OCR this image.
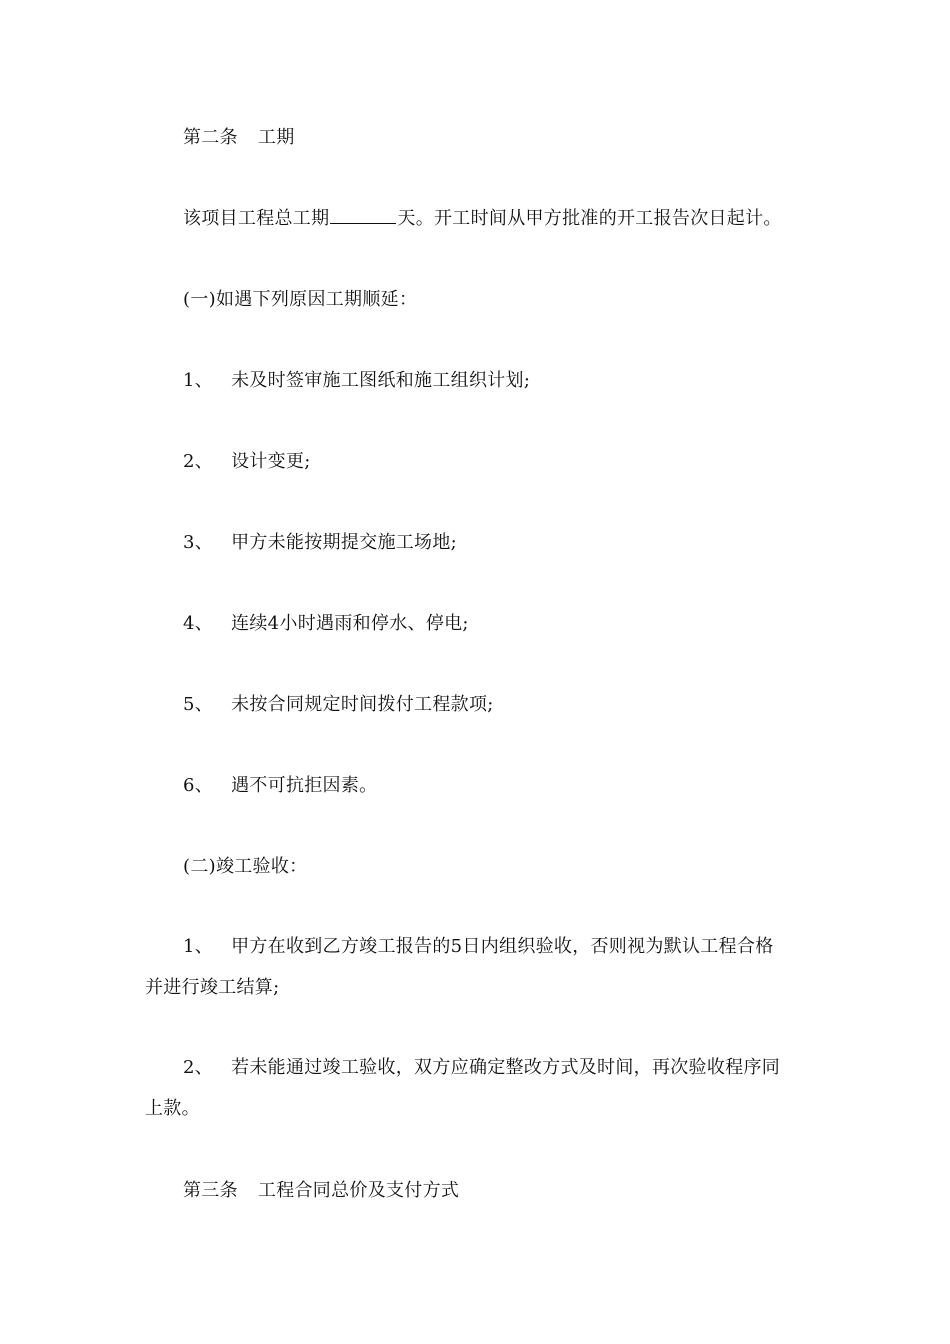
第二条 工期
该项目工程总工期	天。开工时间从甲方批准的开工报告次日起计。
(一)如遇下列原因工期顺延：
1、 未及时签审施工图纸和施工组织计划;
2、 设计变更;
3、 甲方未能按期提交施工场地;
4、 连续4小时遇雨和停水、停电;
5、 未按合同规定时间拨付工程款项;
6、 遇不可抗拒因素。
(二)竣工验收：
1、 甲方在收到乙方竣工报告的5日内组织验收，否则视为默认工程合格
并进行竣工结算;
2、 若未能通过竣工验收，双方应确定整改方式及时间，再次验收程序同
上款。
第三条 工程合同总价及支付方式
